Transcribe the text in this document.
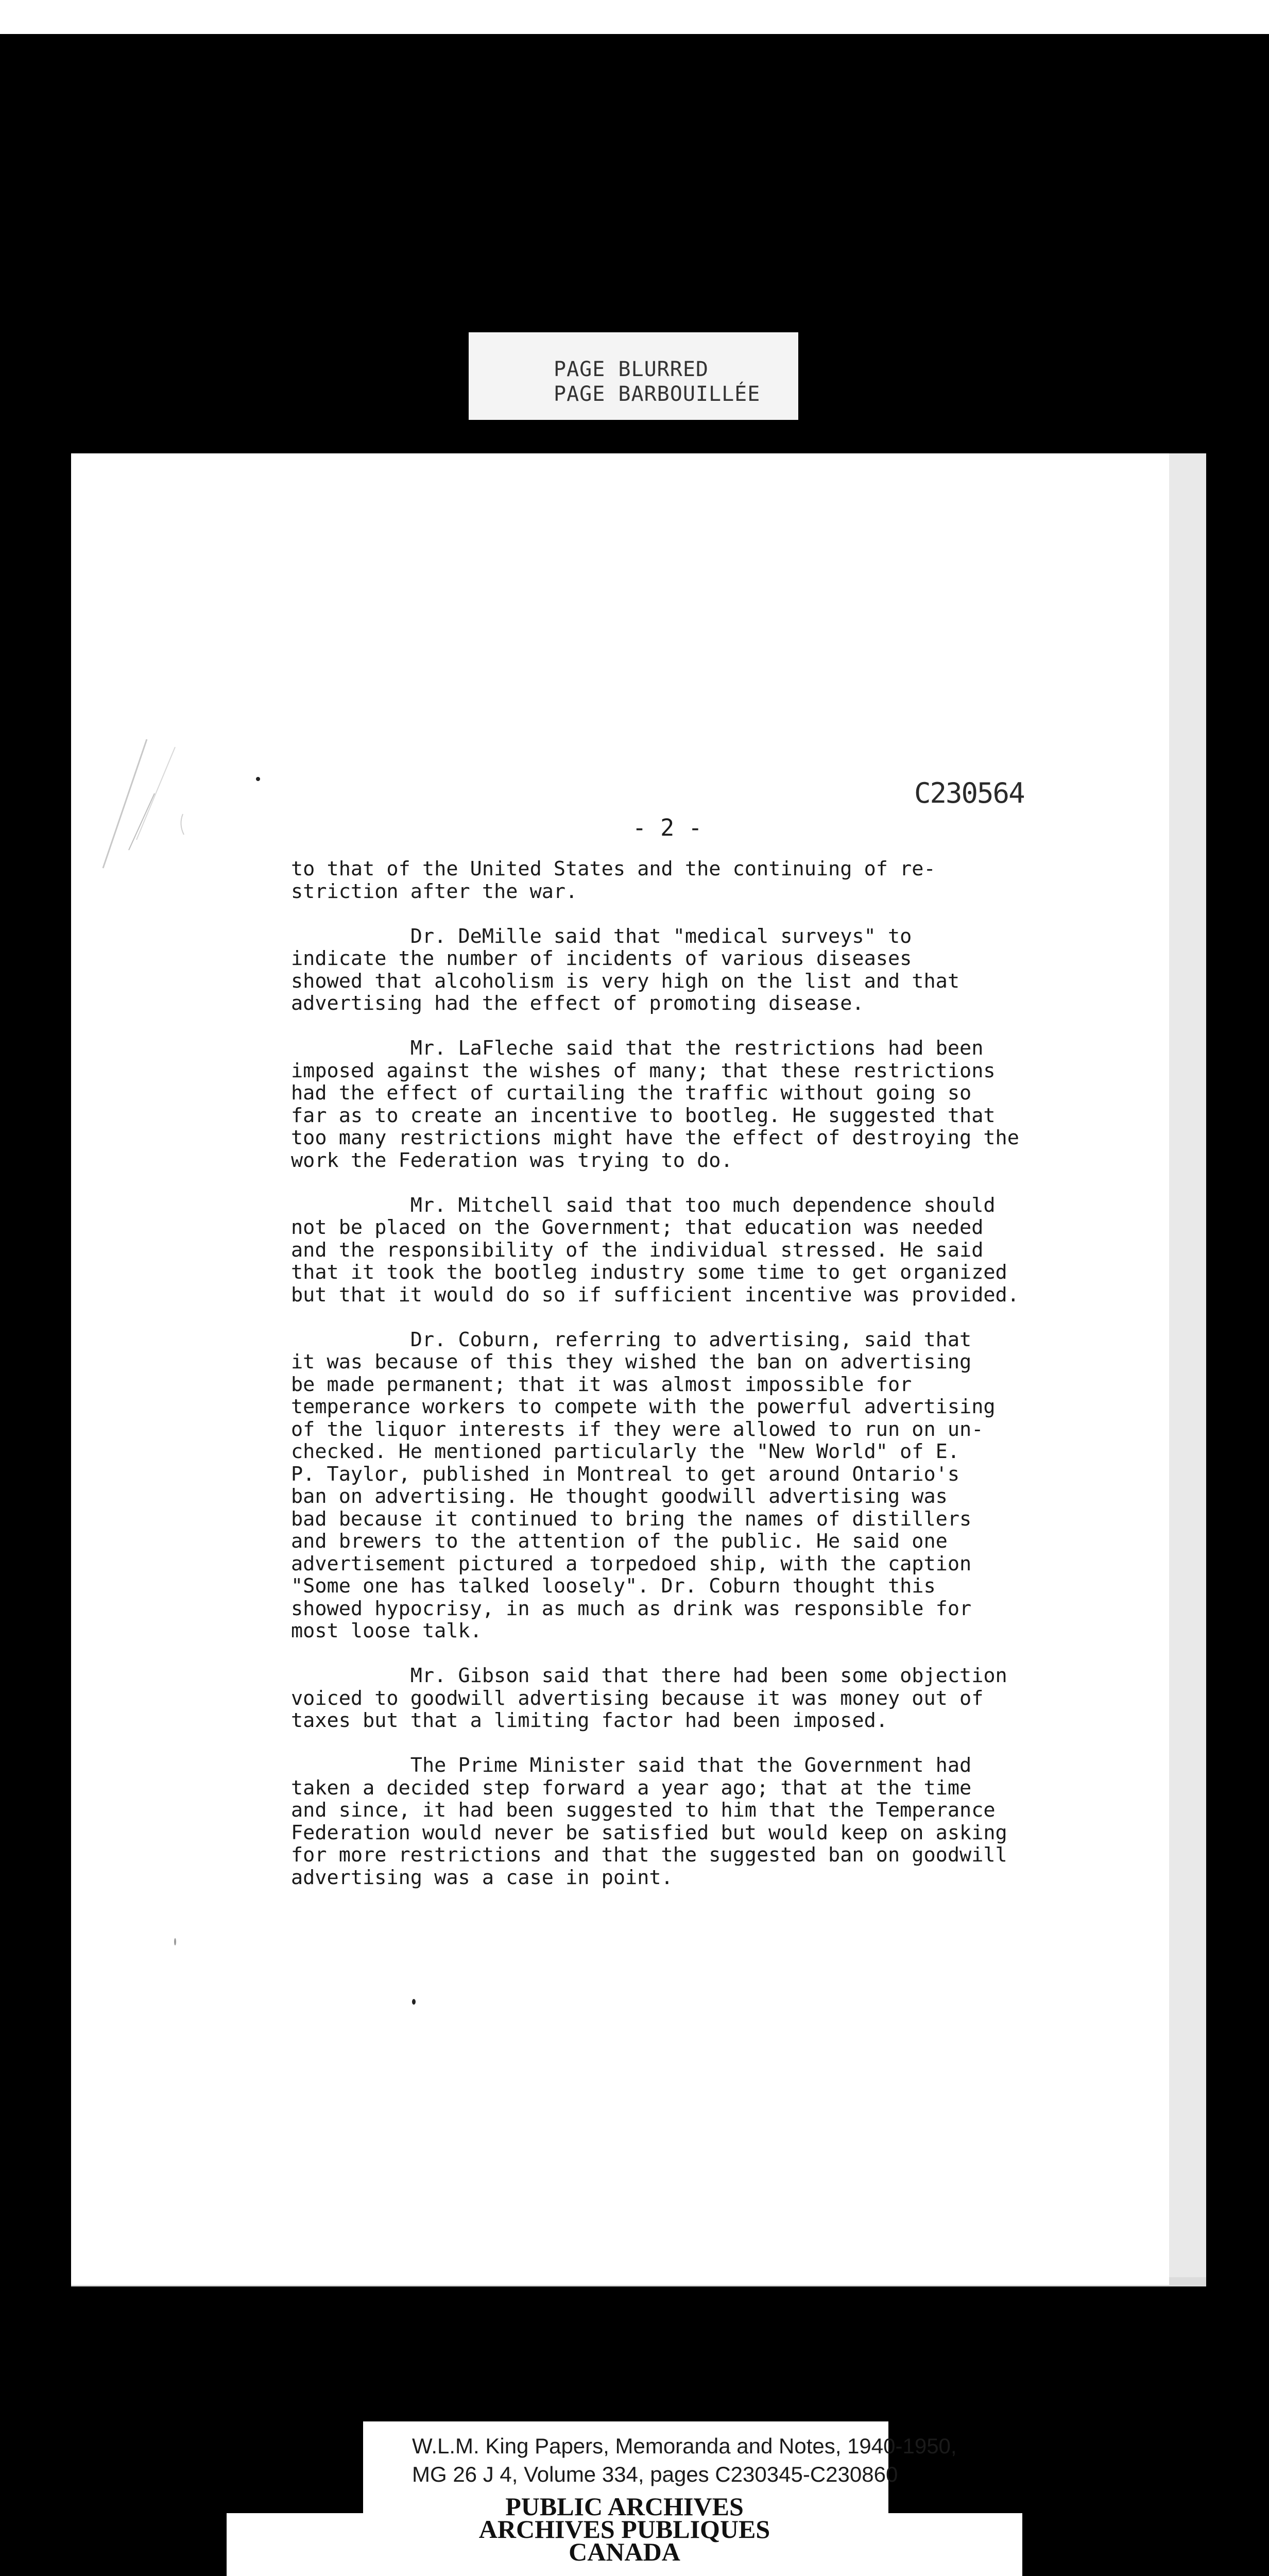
PAGE BLURRED
PAGE BARBOUILLÉE
C230564
- 2 -

to that of the United States and the continuing of re-
striction after the war.

Dr. DeMille said that "medical surveys" to
indicate the number of incidents of various diseases
showed that alcoholism is very high on the list and that
advertising had the effect of promoting disease.

Mr. LaFleche said that the restrictions had been
imposed against the wishes of many; that these restrictions
had the effect of curtailing the traffic without going so
far as to create an incentive to bootleg. He suggested that
too many restrictions might have the effect of destroying the
work the Federation was trying to do.

Mr. Mitchell said that too much dependence should
not be placed on the Government; that education was needed
and the responsibility of the individual stressed. He said
that it took the bootleg industry some time to get organized
but that it would do so if sufficient incentive was provided.

Dr. Coburn, referring to advertising, said that
it was because of this they wished the ban on advertising
be made permanent; that it was almost impossible for
temperance workers to compete with the powerful advertising
of the liquor interests if they were allowed to run on un-
checked. He mentioned particularly the "New World" of E.
P. Taylor, published in Montreal to get around Ontario's
ban on advertising. He thought goodwill advertising was
bad because it continued to bring the names of distillers
and brewers to the attention of the public. He said one
advertisement pictured a torpedoed ship, with the caption
"Some one has talked loosely". Dr. Coburn thought this
showed hypocrisy, in as much as drink was responsible for
most loose talk.

Mr. Gibson said that there had been some objection
voiced to goodwill advertising because it was money out of
taxes but that a limiting factor had been imposed.

The Prime Minister said that the Government had
taken a decided step forward a year ago; that at the time
and since, it had been suggested to him that the Temperance
Federation would never be satisfied but would keep on asking
for more restrictions and that the suggested ban on goodwill
advertising was a case in point.

W.L.M. King Papers, Memoranda and Notes, 1940-1950,
MG 26 J 4, Volume 334, pages C230345-C230860
PUBLIC ARCHIVES
ARCHIVES PUBLIQUES
CANADA
